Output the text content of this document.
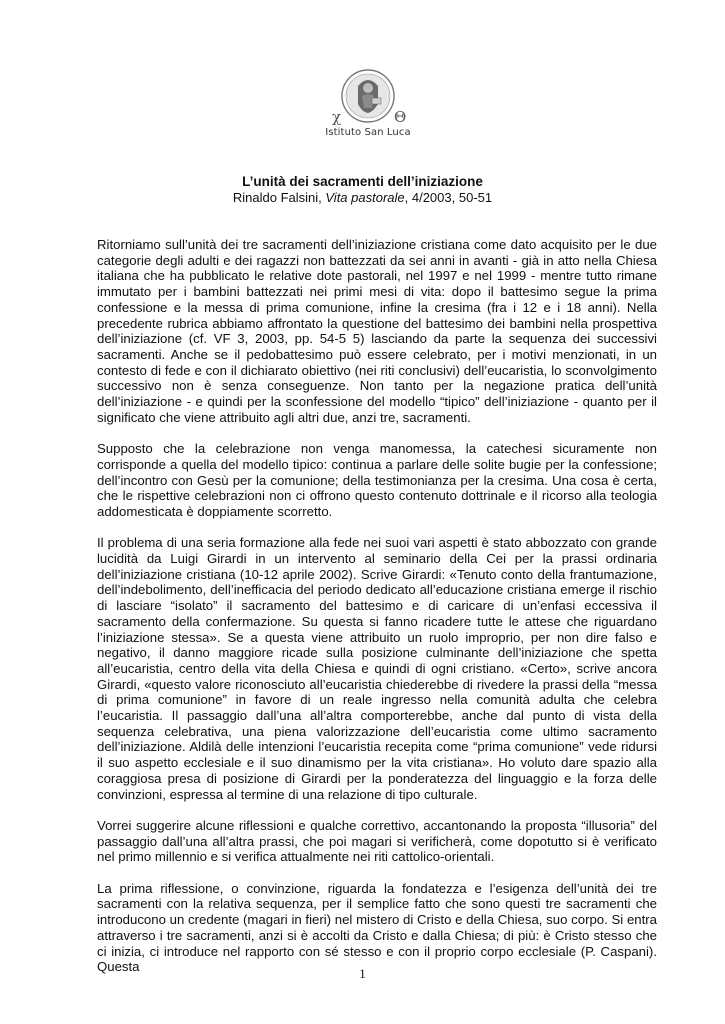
χ	Θ
Istituto San Luca

L’unità dei sacramenti dell’iniziazione

Rinaldo Falsini, Vita pastorale, 4/2003, 50-51

Ritorniamo sull’unità dei tre sacramenti dell’iniziazione cristiana come dato acquisito per le due categorie degli adulti e dei ragazzi non battezzati da sei anni in avanti - già in atto nella Chiesa italiana che ha pubblicato le relative dote pastorali, nel 1997 e nel 1999 - mentre tutto rimane immutato per i bambini battezzati nei primi mesi di vita: dopo il battesimo segue la prima confessione e la messa di prima comunione, infine la cresima (fra i 12 e i 18 anni). Nella precedente rubrica abbiamo affrontato la questione del battesimo dei bambini nella prospettiva dell’iniziazione (cf. VF 3, 2003, pp. 54-5 5) lasciando da parte la sequenza dei successivi sacramenti. Anche se il pedobattesimo può essere celebrato, per i motivi menzionati, in un contesto di fede e con il dichiarato obiettivo (nei riti conclusivi) dell’eucaristia, lo sconvolgimento successivo non è senza conseguenze. Non tanto per la negazione pratica dell’unità dell’iniziazione - e quindi per la sconfessione del modello “tipico” dell’iniziazione - quanto per il significato che viene attribuito agli altri due, anzi tre, sacramenti.

Supposto che la celebrazione non venga manomessa, la catechesi sicuramente non corrisponde a quella del modello tipico: continua a parlare delle solite bugie per la confessione; dell’incontro con Gesù per la comunione; della testimonianza per la cresima. Una cosa è certa, che le rispettive celebrazioni non ci offrono questo contenuto dottrinale e il ricorso alla teologia addomesticata è doppiamente scorretto.

Il problema di una seria formazione alla fede nei suoi vari aspetti è stato abbozzato con grande lucidità da Luigi Girardi in un intervento al seminario della Cei per la prassi ordinaria dell’iniziazione cristiana (10-12 aprile 2002). Scrive Girardi: «Tenuto conto della frantumazione, dell’indebolimento, dell’inefficacia del periodo dedicato all’educazione cristiana emerge il rischio di lasciare “isolato” il sacramento del battesimo e di caricare di un’enfasi eccessiva il sacramento della confermazione. Su questa si fanno ricadere tutte le attese che riguardano l’iniziazione stessa». Se a questa viene attribuito un ruolo improprio, per non dire falso e negativo, il danno maggiore ricade sulla posizione culminante dell’iniziazione che spetta all’eucaristia, centro della vita della Chiesa e quindi di ogni cristiano. «Certo», scrive ancora Girardi, «questo valore riconosciuto all’eucaristia chiederebbe di rivedere la prassi della “messa di prima comunione” in favore di un reale ingresso nella comunità adulta che celebra l’eucaristia. Il passaggio dall’una all’altra comporterebbe, anche dal punto di vista della sequenza celebrativa, una piena valorizzazione dell’eucaristia come ultimo sacramento dell’iniziazione. Aldilà delle intenzioni l’eucaristia recepita come “prima comunione” vede ridursi il suo aspetto ecclesiale e il suo dinamismo per la vita cristiana». Ho voluto dare spazio alla coraggiosa presa di posizione di Girardi per la ponderatezza del linguaggio e la forza delle convinzioni, espressa al termine di una relazione di tipo culturale.

Vorrei suggerire alcune riflessioni e qualche correttivo, accantonando la proposta “illusoria” del passaggio dall’una all’altra prassi, che poi magari si verificherà, come dopotutto si è verificato nel primo millennio e si verifica attualmente nei riti cattolico-orientali.

La prima riflessione, o convinzione, riguarda la fondatezza e l’esigenza dell’unità dei tre sacramenti con la relativa sequenza, per il semplice fatto che sono questi tre sacramenti che introducono un credente (magari in fieri) nel mistero di Cristo e della Chiesa, suo corpo. Si entra attraverso i tre sacramenti, anzi si è accolti da Cristo e dalla Chiesa; di più: è Cristo stesso che ci inizia, ci introduce nel rapporto con sé stesso e con il proprio corpo ecclesiale (P. Caspani). Questa	1
